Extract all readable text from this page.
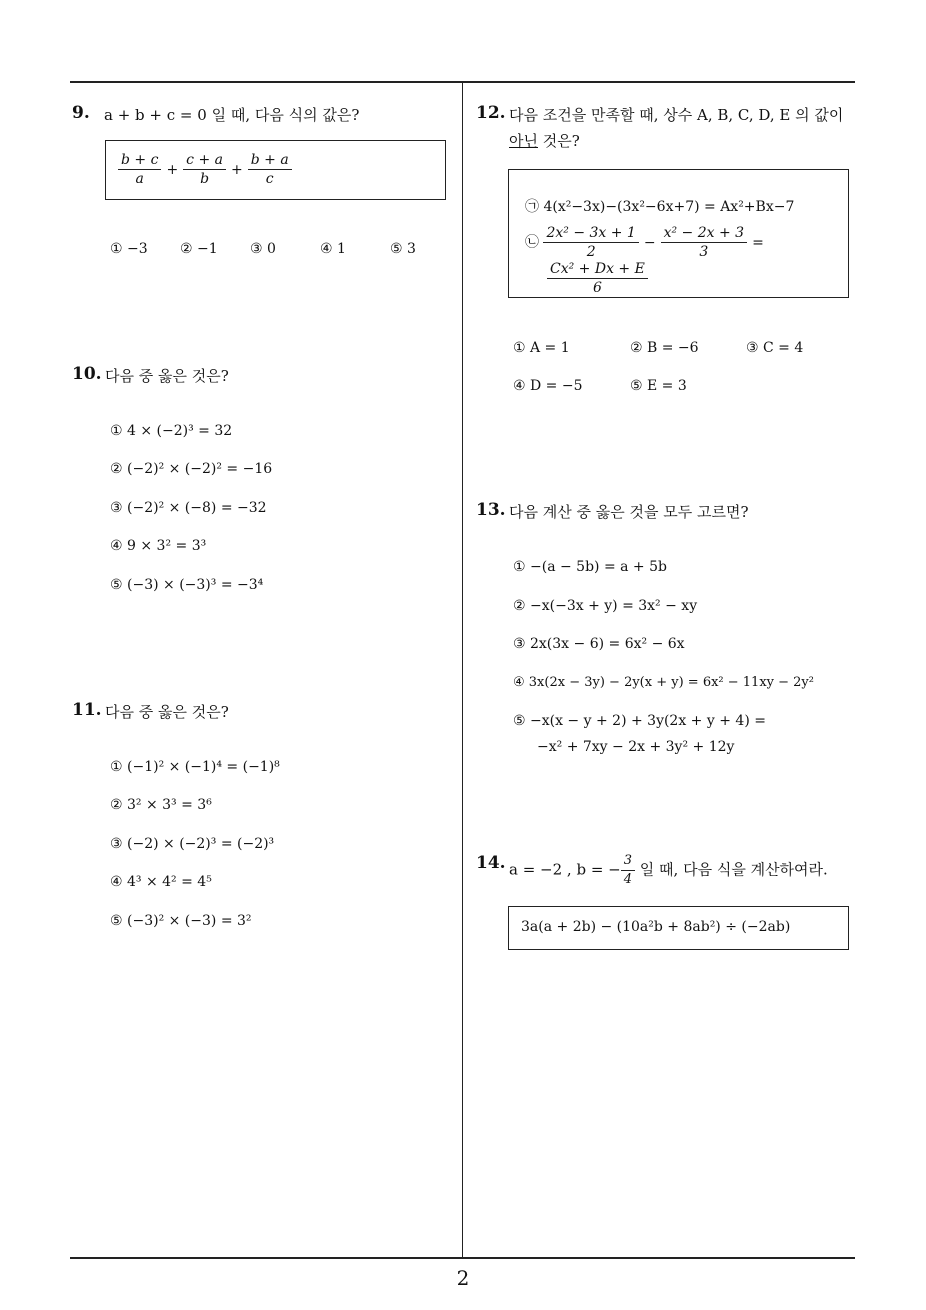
9. a + b + c = 0 일 때, 다음 식의 값은?
$\frac{b + c}{a} + \frac{c + a}{b} + \frac{b + a}{c}$
① −3 ② −1 ③ 0	④ 1	⑤ 3
10. 다음 중 옳은 것은?
① 4 × (−2)³ = 32
② (−2)² × (−2)² = −16
③ (−2)² × (−8) = −32
④ 9 × 3² = 3³
⑤ (−3) × (−3)³ = −3⁴
11. 다음 중 옳은 것은?
① (−1)² × (−1)⁴ = (−1)⁸
② 3² × 3³ = 3⁶
③ (−2) × (−2)³ = (−2)³
④ 4³ × 4² = 4⁵
⑤ (−3)² × (−3) = 3²
12. 다음 조건을 만족할 때, 상수 A, B, C, D, E 의 값이
아닌 것은?
㉠ 4(x²−3x)−(3x²−6x+7) = Ax²+Bx−7
㉡ $\frac{\text{2x² − 3x + 1}}{2} - \frac{\text{x² − 2x + 3}}{3}$ =
$\frac{\text{Cx² + Dx + E}}{6}$
① A = 1	② B = −6	③ C = 4
④ D = −5	⑤ E = 3
13. 다음 계산 중 옳은 것을 모두 고르면?
① −(a − 5b) = a + 5b
② −x(−3x + y) = 3x² − xy
③ 2x(3x − 6) = 6x² − 6x
④ 3x(2x − 3y) − 2y(x + y) = 6x² − 11xy − 2y²
⑤ −x(x − y + 2) + 3y(2x + y + 4) =
−x² + 7xy − 2x + 3y² + 12y
14. a = −2 , b = − $\frac{3}{4}$ 일 때, 다음 식을 계산하여라.
3a(a + 2b) − (10a²b + 8ab²) ÷ (−2ab)
2
